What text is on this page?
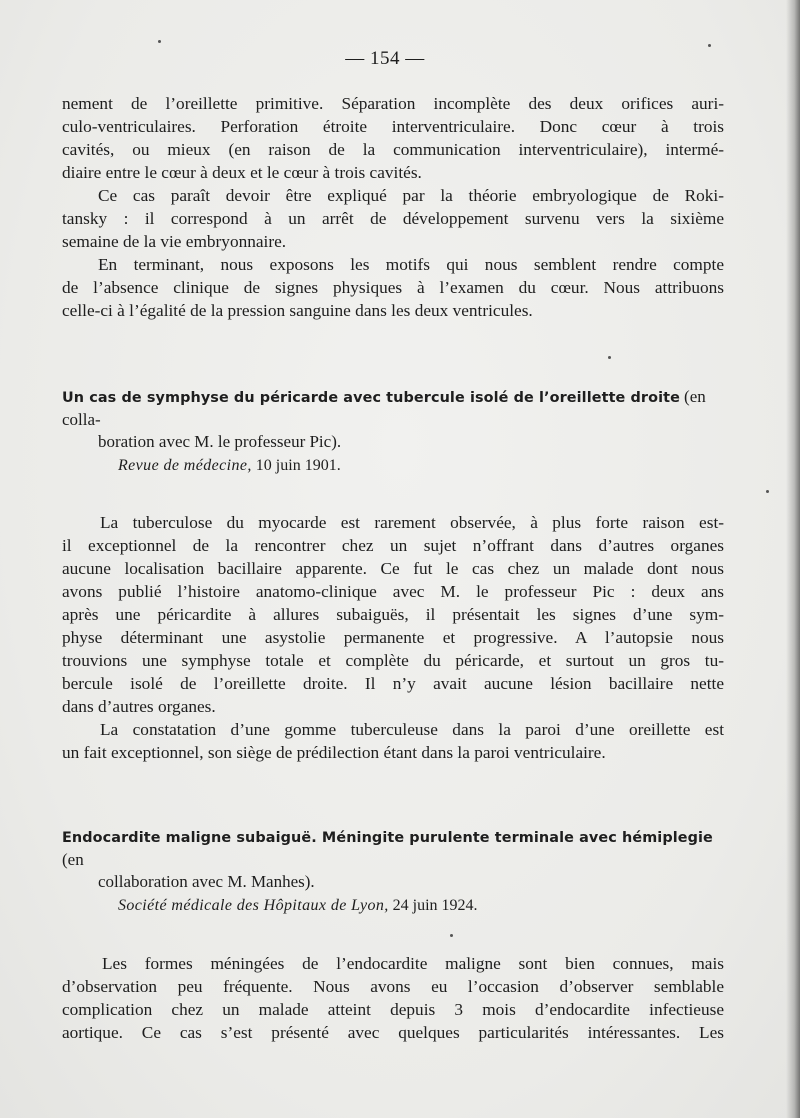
— 154 —

nement de l’oreillette primitive. Séparation incomplète des deux orifices auri-
culo-ventriculaires. Perforation étroite interventriculaire. Donc cœur à trois
cavités, ou mieux (en raison de la communication interventriculaire), intermé-
diaire entre le cœur à deux et le cœur à trois cavités.

Ce cas paraît devoir être expliqué par la théorie embryologique de Roki-
tansky : il correspond à un arrêt de développement survenu vers la sixième
semaine de la vie embryonnaire.

En terminant, nous exposons les motifs qui nous semblent rendre compte
de l’absence clinique de signes physiques à l’examen du cœur. Nous attribuons
celle-ci à l’égalité de la pression sanguine dans les deux ventricules.

Un cas de symphyse du péricarde avec tubercule isolé de l’oreillette droite (en colla-
boration avec M. le professeur Pic).
Revue de médecine, 10 juin 1901.

La tuberculose du myocarde est rarement observée, à plus forte raison est-
il exceptionnel de la rencontrer chez un sujet n’offrant dans d’autres organes
aucune localisation bacillaire apparente. Ce fut le cas chez un malade dont nous
avons publié l’histoire anatomo-clinique avec M. le professeur Pic : deux ans
après une péricardite à allures subaiguës, il présentait les signes d’une sym-
physe déterminant une asystolie permanente et progressive. A l’autopsie nous
trouvions une symphyse totale et complète du péricarde, et surtout un gros tu-
bercule isolé de l’oreillette droite. Il n’y avait aucune lésion bacillaire nette
dans d’autres organes.

La constatation d’une gomme tuberculeuse dans la paroi d’une oreillette est
un fait exceptionnel, son siège de prédilection étant dans la paroi ventriculaire.

Endocardite maligne subaiguë. Méningite purulente terminale avec hémiplegie (en
collaboration avec M. Manhes).
Société médicale des Hôpitaux de Lyon, 24 juin 1924.

Les formes méningées de l’endocardite maligne sont bien connues, mais
d’observation peu fréquente. Nous avons eu l’occasion d’observer semblable
complication chez un malade atteint depuis 3 mois d’endocardite infectieuse
aortique. Ce cas s’est présenté avec quelques particularités intéressantes. Les
